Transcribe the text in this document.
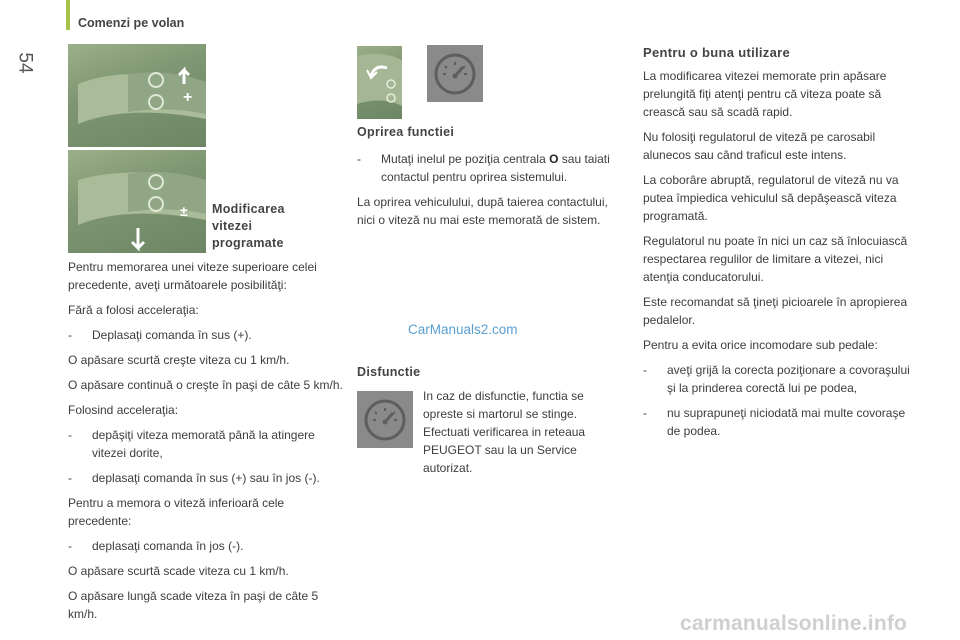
54
Comenzi pe volan
+
± Modificarea vitezei programate

Pentru memorarea unei viteze superioare celei precedente, aveţi următoarele posibilităţi:

Fără a folosi acceleraţia:

-	Deplasaţi comanda în sus (+).

O apăsare scurtă creşte viteza cu 1 km/h.

O apăsare continuă o creşte în paşi de câte 5 km/h.

Folosind acceleraţia:

-	depăşiţi viteza memorată până la atingere vitezei dorite,
-	deplasaţi comanda în sus (+) sau în jos (-).

Pentru a memora o viteză inferioară cele precedente:

-	deplasaţi comanda în jos (-).

O apăsare scurtă scade viteza cu 1 km/h.

O apăsare lungă scade viteza în paşi de câte 5 km/h.

Oprirea functiei
-	Mutaţi inelul pe poziţia centrala O sau taiati contactul pentru oprirea sistemului.

La oprirea vehiculului, după taierea contactului, nici o viteză nu mai este memorată de sistem.

CarManuals2.com
Disfunctie
In caz de disfunctie, functia se opreste si martorul se stinge. Efectuati verificarea in reteaua PEUGEOT sau la un Service autorizat.
Pentru o buna utilizare

La modificarea vitezei memorate prin apăsare prelungită fiţi atenţi pentru că viteza poate să crească sau să scadă rapid.

Nu folosiţi regulatorul de viteză pe carosabil alunecos sau când traficul este intens.

La coborâre abruptă, regulatorul de viteză nu va putea împiedica vehiculul să depăşească viteza programată.

Regulatorul nu poate în nici un caz să înlocuiască respectarea regulilor de limitare a vitezei, nici atenţia conducatorului.

Este recomandat să ţineţi picioarele în apropierea pedalelor.

Pentru a evita orice incomodare sub pedale:

-	aveţi grijă la corecta poziţionare a covoraşului şi la prinderea corectă lui pe podea,
-	nu suprapuneţi niciodată mai multe covoraşe de podea.
carmanualsonline.info
